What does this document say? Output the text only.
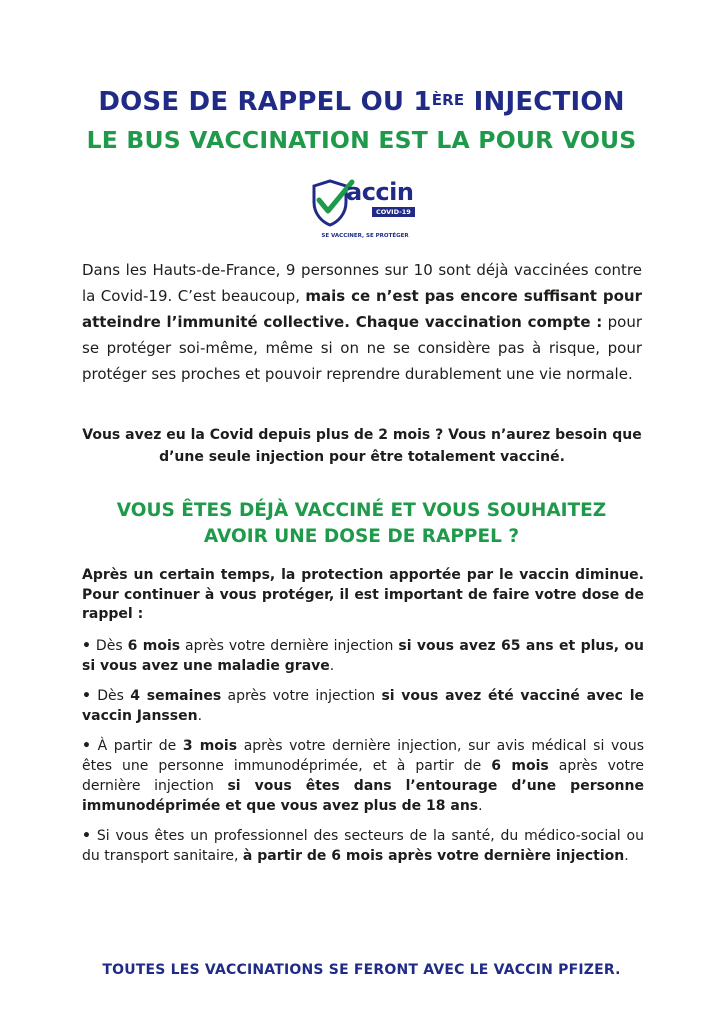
DOSE DE RAPPEL OU 1ÈRE INJECTION
LE BUS VACCINATION EST LA POUR VOUS
accin
COVID-19
SE VACCINER, SE PROTÉGER
Dans les Hauts-de-France, 9 personnes sur 10 sont déjà vaccinées contre la Covid-19. C’est beaucoup, mais ce n’est pas encore suffisant pour atteindre l’immunité collective. Chaque vaccination compte : pour se protéger soi-même, même si on ne se considère pas à risque, pour protéger ses proches et pouvoir reprendre durablement une vie normale.
Vous avez eu la Covid depuis plus de 2 mois ? Vous n’aurez besoin que d’une seule injection pour être totalement vacciné.
VOUS ÊTES DÉJÀ VACCINÉ ET VOUS SOUHAITEZ
AVOIR UNE DOSE DE RAPPEL ?
Après un certain temps, la protection apportée par le vaccin diminue. Pour continuer à vous protéger, il est important de faire votre dose de rappel :
• Dès 6 mois après votre dernière injection si vous avez 65 ans et plus, ou si vous avez une maladie grave.
• Dès 4 semaines après votre injection si vous avez été vacciné avec le vaccin Janssen.
• À partir de 3 mois après votre dernière injection, sur avis médical si vous êtes une personne immunodéprimée, et à partir de 6 mois après votre dernière injection si vous êtes dans l’entourage d’une personne immunodéprimée et que vous avez plus de 18 ans.
• Si vous êtes un professionnel des secteurs de la santé, du médico-social ou du transport sanitaire, à partir de 6 mois après votre dernière injection.
TOUTES LES VACCINATIONS SE FERONT AVEC LE VACCIN PFIZER.
